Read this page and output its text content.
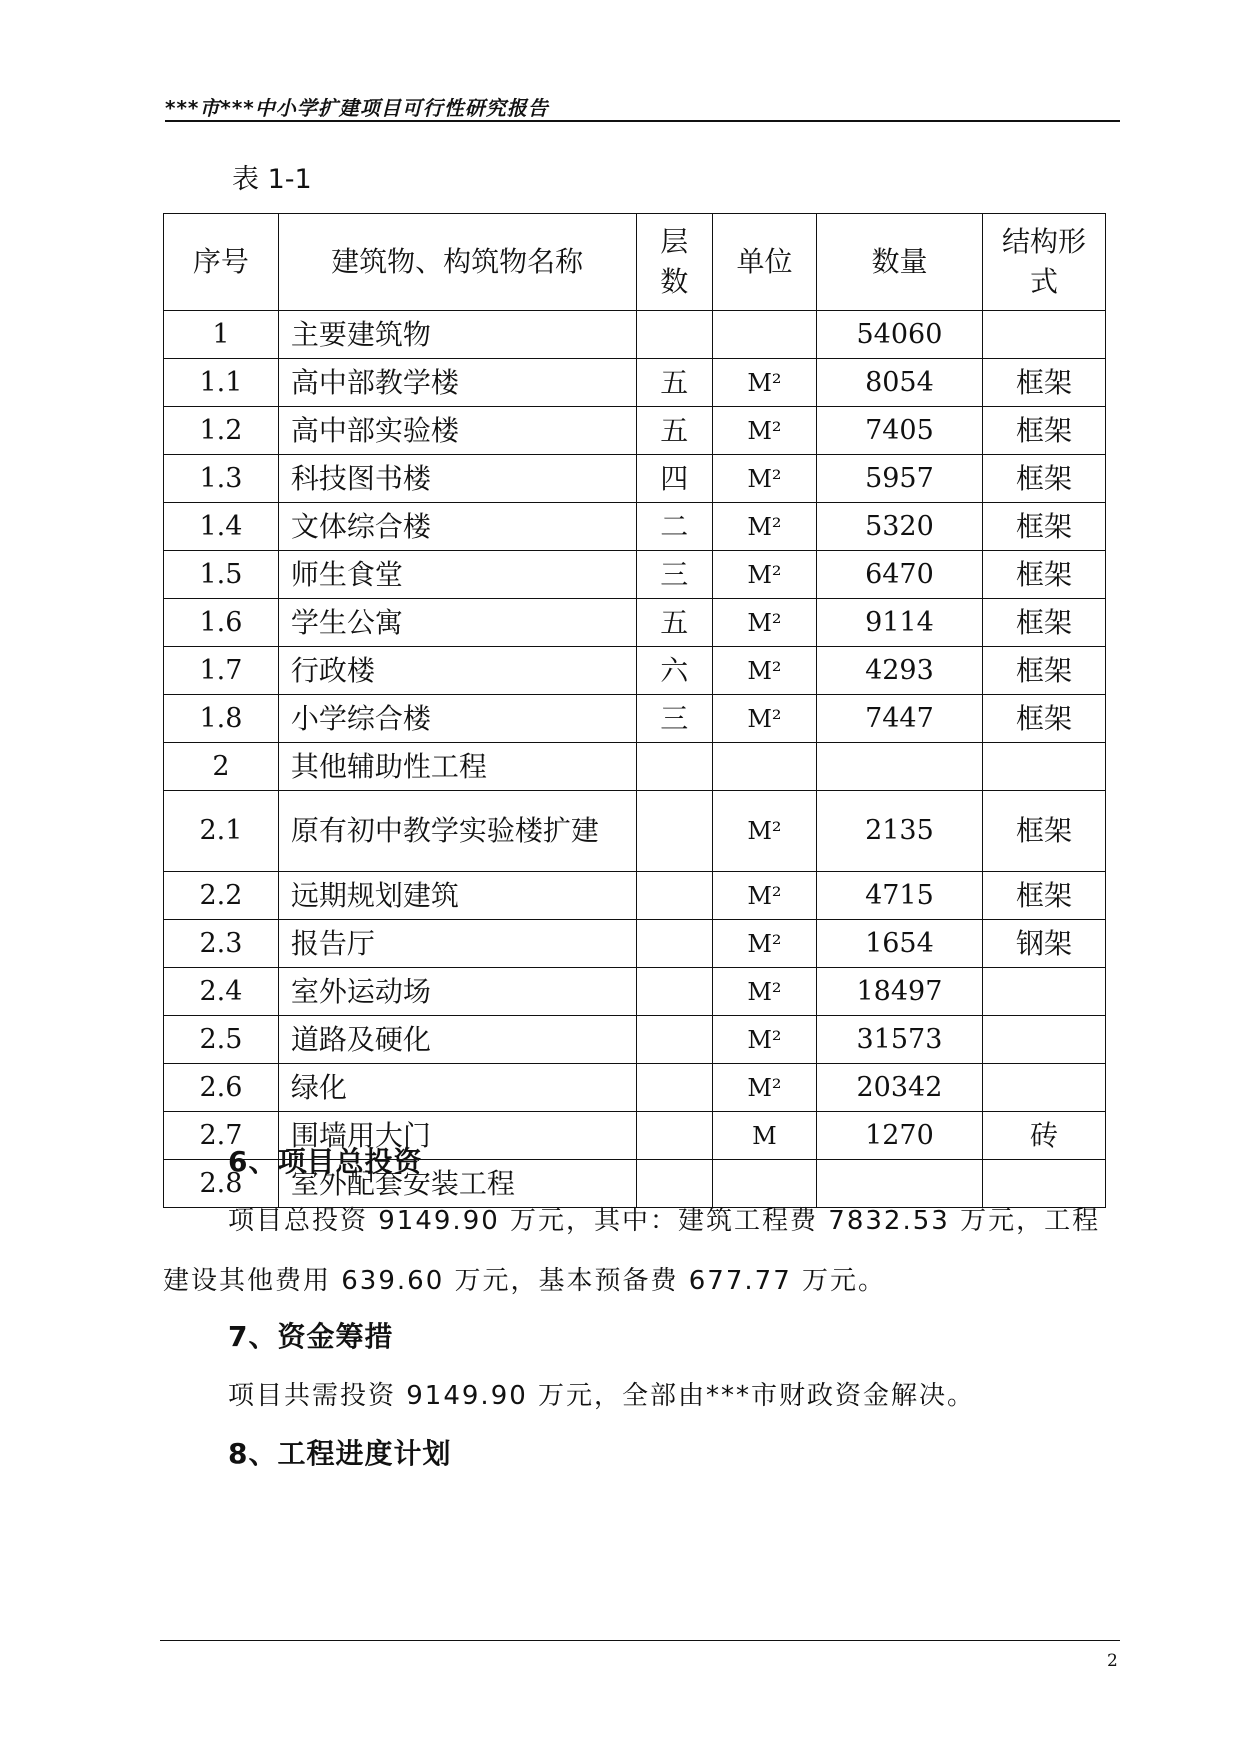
***市***中小学扩建项目可行性研究报告
表 1-1
序号	建筑物、构筑物名称	层数	单位	数量	结构形式
1	主要建筑物			54060	
1.1	高中部教学楼	五	M²	8054	框架
1.2	高中部实验楼	五	M²	7405	框架
1.3	科技图书楼	四	M²	5957	框架
1.4	文体综合楼	二	M²	5320	框架
1.5	师生食堂	三	M²	6470	框架
1.6	学生公寓	五	M²	9114	框架
1.7	行政楼	六	M²	4293	框架
1.8	小学综合楼	三	M²	7447	框架
2	其他辅助性工程				
2.1	原有初中教学实验楼扩建		M²	2135	框架
2.2	远期规划建筑		M²	4715	框架
2.3	报告厅		M²	1654	钢架
2.4	室外运动场		M²	18497	
2.5	道路及硬化		M²	31573	
2.6	绿化		M²	20342	
2.7	围墙用大门		M	1270	砖
2.8	室外配套安装工程				
6、项目总投资
项目总投资 9149.90 万元，其中：建筑工程费 7832.53 万元，工程
建设其他费用 639.60 万元，基本预备费 677.77 万元。
7、资金筹措
项目共需投资 9149.90 万元，全部由***市财政资金解决。
8、工程进度计划
2
